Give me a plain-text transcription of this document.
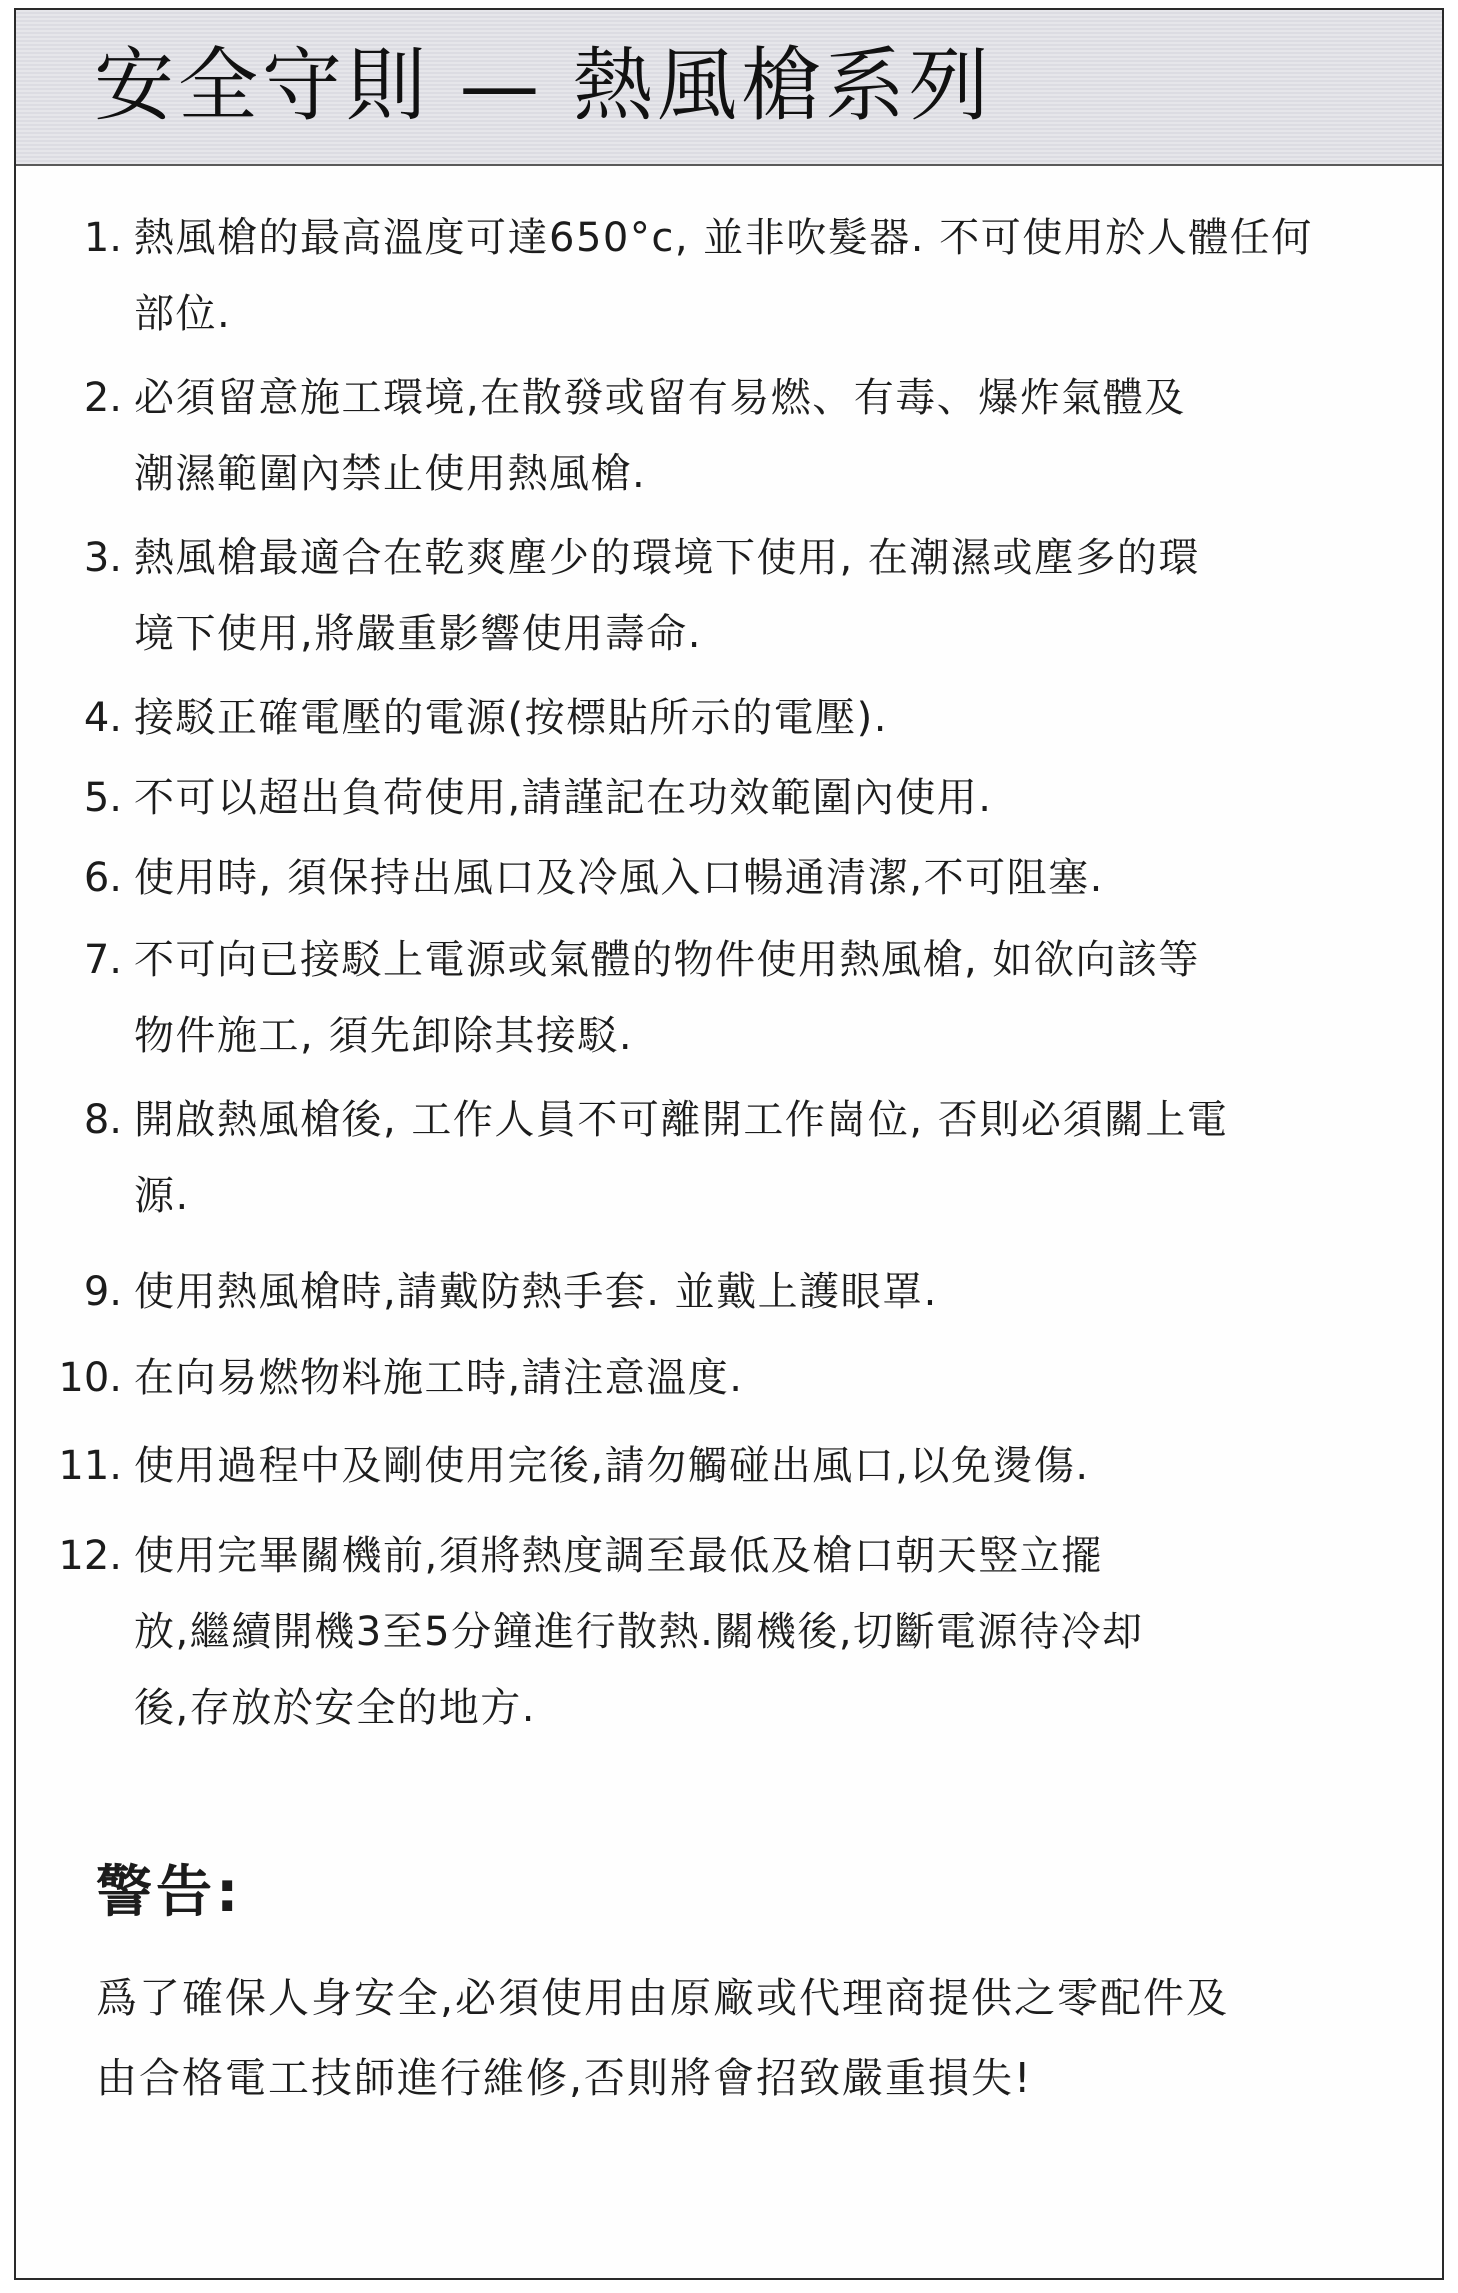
安全守則 — 熱風槍系列
1. 熱風槍的最高溫度可達650°c, 並非吹髮器. 不可使用於人體任何
部位.
2. 必須留意施工環境,在散發或留有易燃、有毒、爆炸氣體及
潮濕範圍內禁止使用熱風槍.
3. 熱風槍最適合在乾爽塵少的環境下使用, 在潮濕或塵多的環
境下使用,將嚴重影響使用壽命.
4. 接駁正確電壓的電源(按標貼所示的電壓).
5. 不可以超出負荷使用,請謹記在功效範圍內使用.
6. 使用時, 須保持出風口及冷風入口暢通清潔,不可阻塞.
7. 不可向已接駁上電源或氣體的物件使用熱風槍, 如欲向該等
物件施工, 須先卸除其接駁.
8. 開啟熱風槍後, 工作人員不可離開工作崗位, 否則必須關上電
源.
9. 使用熱風槍時,請戴防熱手套. 並戴上護眼罩.
10. 在向易燃物料施工時,請注意溫度.
11. 使用過程中及剛使用完後,請勿觸碰出風口,以免燙傷.
12. 使用完畢關機前,須將熱度調至最低及槍口朝天竪立擺
放,繼續開機3至5分鐘進行散熱.關機後,切斷電源待冷却
後,存放於安全的地方.
警告:

爲了確保人身安全,必須使用由原廠或代理商提供之零配件及
由合格電工技師進行維修,否則將會招致嚴重損失!
